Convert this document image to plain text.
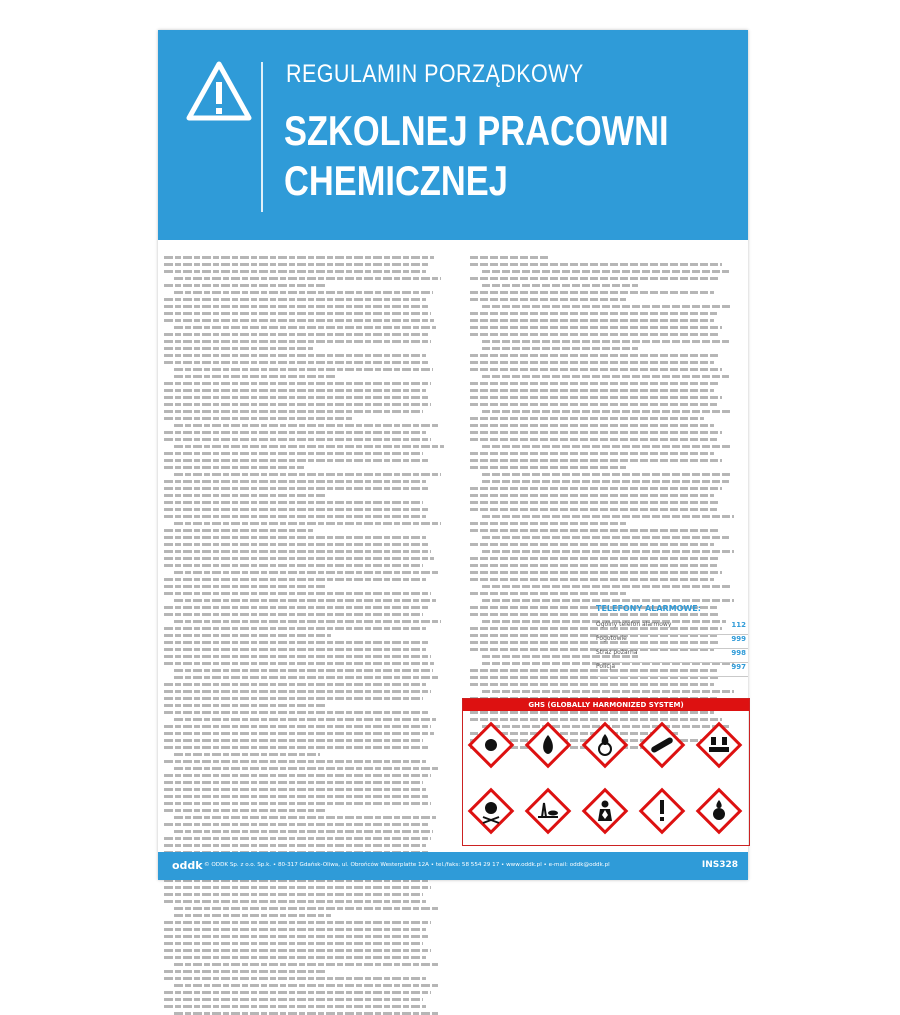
REGULAMIN PORZĄDKOWY
SZKOLNEJ PRACOWNI
CHEMICZNEJ
TELEFONY ALARMOWE:
Ogólny telefon alarmowy	112
Pogotowie	999
Straż pożarna	998
Policja	997
GHS (GLOBALLY HARMONIZED SYSTEM)
oddk © ODDK Sp. z o.o. Sp.k. • 80-317 Gdańsk-Oliwa, ul. Obrońców Westerplatte 12A • tel./faks: 58 554 29 17 • www.oddk.pl • e-mail: oddk@oddk.pl	INS328
